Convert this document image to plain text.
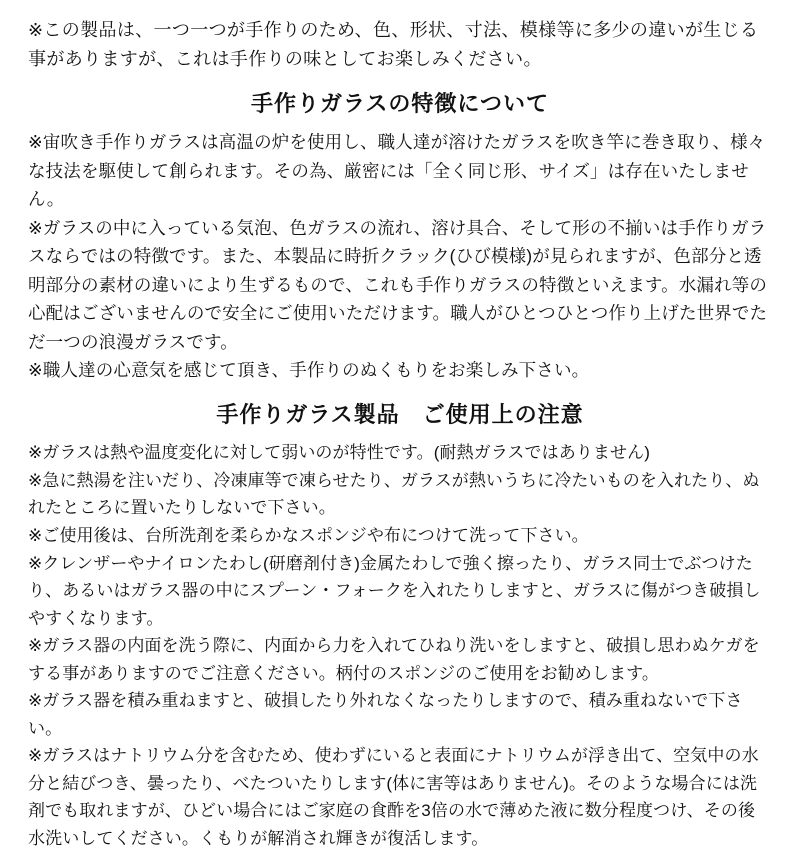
※この製品は、一つ一つが手作りのため、色、形状、寸法、模様等に多少の違いが生じる事がありますが、これは手作りの味としてお楽しみください。

手作りガラスの特徴について

※宙吹き手作りガラスは高温の炉を使用し、職人達が溶けたガラスを吹き竿に巻き取り、様々な技法を駆使して創られます。その為、厳密には「全く同じ形、サイズ」は存在いたしません。

※ガラスの中に入っている気泡、色ガラスの流れ、溶け具合、そして形の不揃いは手作りガラスならではの特徴です。また、本製品に時折クラック(ひび模様)が見られますが、色部分と透明部分の素材の違いにより生ずるもので、これも手作りガラスの特徴といえます。水漏れ等の心配はございませんので安全にご使用いただけます。職人がひとつひとつ作り上げた世界でただ一つの浪漫ガラスです。

※職人達の心意気を感じて頂き、手作りのぬくもりをお楽しみ下さい。

手作りガラス製品　ご使用上の注意

※ガラスは熱や温度変化に対して弱いのが特性です。(耐熱ガラスではありません)

※急に熱湯を注いだり、冷凍庫等で凍らせたり、ガラスが熱いうちに冷たいものを入れたり、ぬれたところに置いたりしないで下さい。

※ご使用後は、台所洗剤を柔らかなスポンジや布につけて洗って下さい。

※クレンザーやナイロンたわし(研磨剤付き)金属たわしで強く擦ったり、ガラス同士でぶつけたり、あるいはガラス器の中にスプーン・フォークを入れたりしますと、ガラスに傷がつき破損しやすくなります。

※ガラス器の内面を洗う際に、内面から力を入れてひねり洗いをしますと、破損し思わぬケガをする事がありますのでご注意ください。柄付のスポンジのご使用をお勧めします。

※ガラス器を積み重ねますと、破損したり外れなくなったりしますので、積み重ねないで下さい。

※ガラスはナトリウム分を含むため、使わずにいると表面にナトリウムが浮き出て、空気中の水分と結びつき、曇ったり、べたついたりします(体に害等はありません)。そのような場合には洗剤でも取れますが、ひどい場合にはご家庭の食酢を3倍の水で薄めた液に数分程度つけ、その後水洗いしてください。くもりが解消され輝きが復活します。
